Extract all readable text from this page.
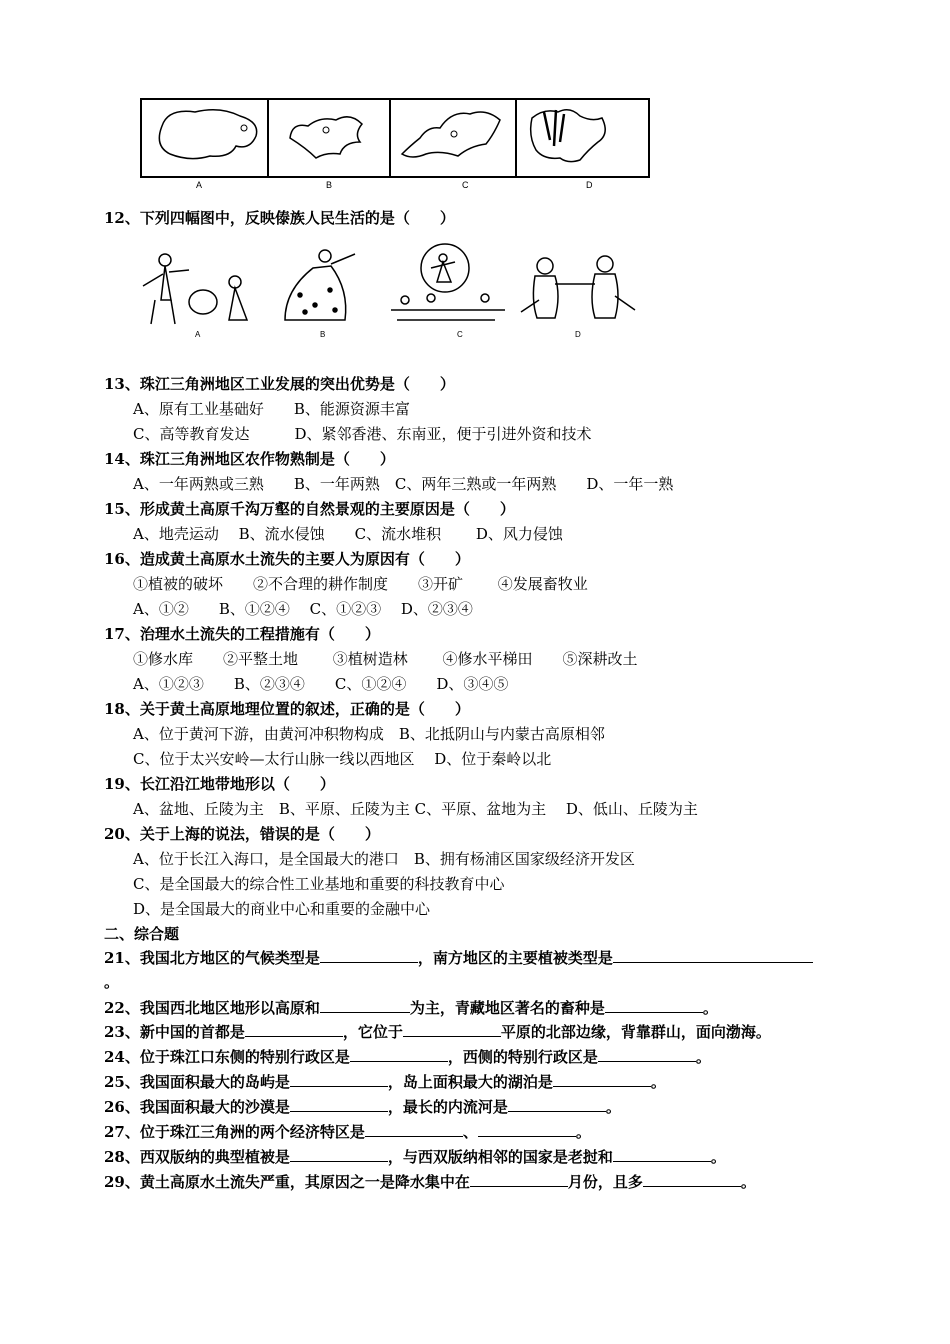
A	B	C	D
12、下列四幅图中，反映傣族人民生活的是（　　）
A	B	C	D
13、珠江三角洲地区工业发展的突出优势是（　　）
A、原有工业基础好　　B、能源资源丰富
C、高等教育发达　　　D、紧邻香港、东南亚，便于引进外资和技术
14、珠江三角洲地区农作物熟制是（　　）
A、一年两熟或三熟　　B、一年两熟　C、两年三熟或一年两熟　　D、一年一熟
15、形成黄土高原千沟万壑的自然景观的主要原因是（　　）
A、地壳运动　 B、流水侵蚀　　C、流水堆积　　 D、风力侵蚀
16、造成黄土高原水土流失的主要人为原因有（　　）
①植被的破坏　　②不合理的耕作制度　　③开矿　　 ④发展畜牧业
A、①②　　B、①②④　 C、①②③　 D、②③④
17、治理水土流失的工程措施有（　　）
①修水库　　②平整土地　　 ③植树造林　　 ④修水平梯田　　⑤深耕改土
A、①②③　　B、②③④　　C、①②④　　D、③④⑤
18、关于黄土高原地理位置的叙述，正确的是（　　）
A、位于黄河下游，由黄河冲积物构成　B、北抵阴山与内蒙古高原相邻
C、位于太兴安岭—太行山脉一线以西地区　 D、位于秦岭以北
19、长江沿江地带地形以（　　）
A、盆地、丘陵为主　B、平原、丘陵为主 C、平原、盆地为主　 D、低山、丘陵为主
20、关于上海的说法，错误的是（　　）
A、位于长江入海口，是全国最大的港口　B、拥有杨浦区国家级经济开发区
C、是全国最大的综合性工业基地和重要的科技教育中心
D、是全国最大的商业中心和重要的金融中心
二、综合题
21、我国北方地区的气候类型是	，南方地区的主要植被类型是
。
22、我国西北地区地形以高原和	为主，青藏地区著名的畜种是	。
23、新中国的首都是	，它位于	平原的北部边缘，背靠群山，面向渤海。
24、位于珠江口东侧的特别行政区是	，西侧的特别行政区是	。
25、我国面积最大的岛屿是	，岛上面积最大的湖泊是	。
26、我国面积最大的沙漠是	，最长的内流河是	。
27、位于珠江三角洲的两个经济特区是	、	。
28、西双版纳的典型植被是	，与西双版纳相邻的国家是老挝和	。
29、黄土高原水土流失严重，其原因之一是降水集中在	月份，且多	。
